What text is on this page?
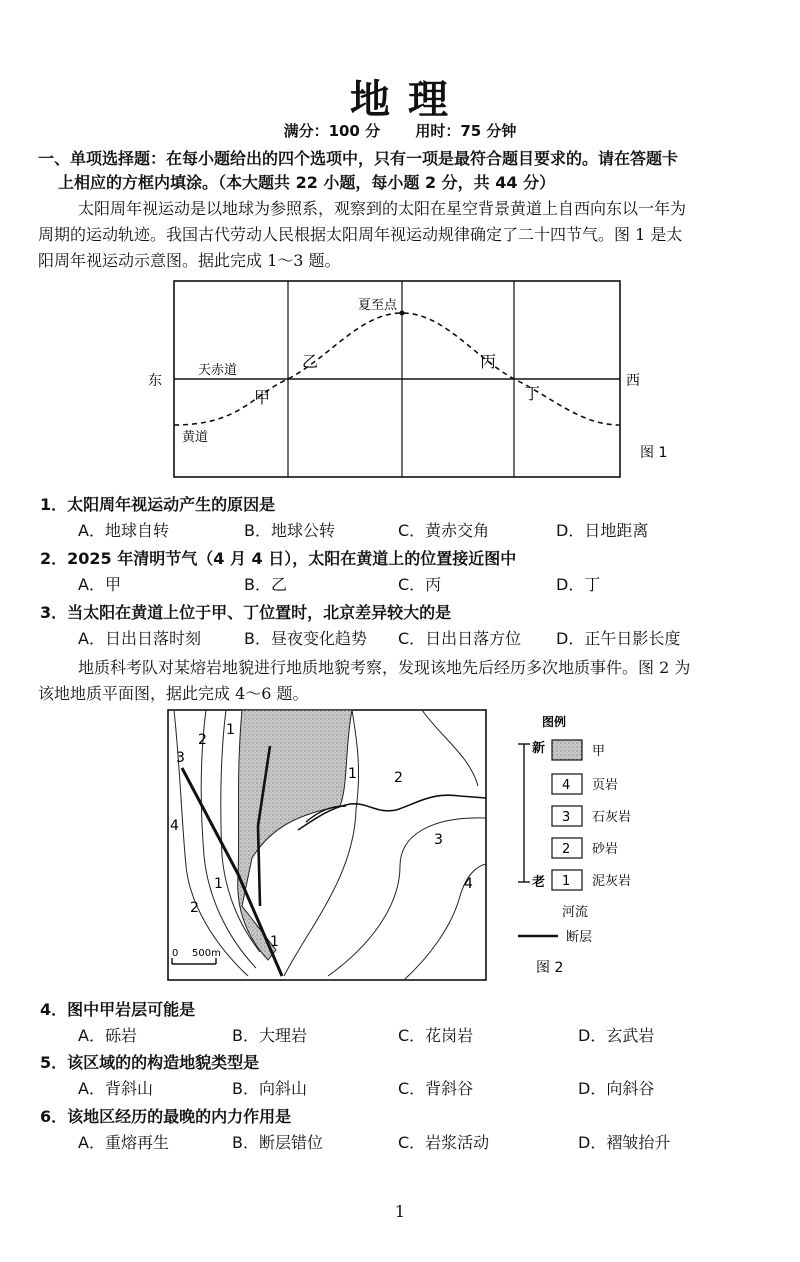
地 理
满分：100 分　　 用时：75 分钟
一、单项选择题：在每小题给出的四个选项中，只有一项是最符合题目要求的。请在答题卡
上相应的方框内填涂。（本大题共 22 小题，每小题 2 分，共 44 分）
太阳周年视运动是以地球为参照系，观察到的太阳在星空背景黄道上自西向东以一年为
周期的运动轨迹。我国古代劳动人民根据太阳周年视运动规律确定了二十四节气。图 1 是太
阳周年视运动示意图。据此完成 1～3 题。
东	西
天赤道
黄道
夏至点
甲
乙	丙
丁
图 1
1．太阳周年视运动产生的原因是
A．地球自转	B．地球公转	C．黄赤交角	D．日地距离
2．2025 年清明节气（4 月 4 日），太阳在黄道上的位置接近图中
A．甲	B．乙	C．丙	D．丁
3．当太阳在黄道上位于甲、丁位置时，北京差异较大的是
A．日出日落时刻	B．昼夜变化趋势 C．日出日落方位 D．正午日影长度
地质科考队对某熔岩地貌进行地质地貌考察，发现该地先后经历多次地质事件。图 2 为
该地地质平面图，据此完成 4～6 题。
3
2
1
4
1
2
3
4
2
1
1
0 500m
图例
新
老
甲
4 页岩
3 石灰岩
2 砂岩
1 泥灰岩
河流
断层
图 2
4．图中甲岩层可能是
A．砾岩	B．大理岩	C．花岗岩	D．玄武岩
5．该区域的的构造地貌类型是
A．背斜山	B．向斜山	C．背斜谷	D．向斜谷
6．该地区经历的最晚的内力作用是
A．重熔再生	B．断层错位	C．岩浆活动	D．褶皱抬升
1
